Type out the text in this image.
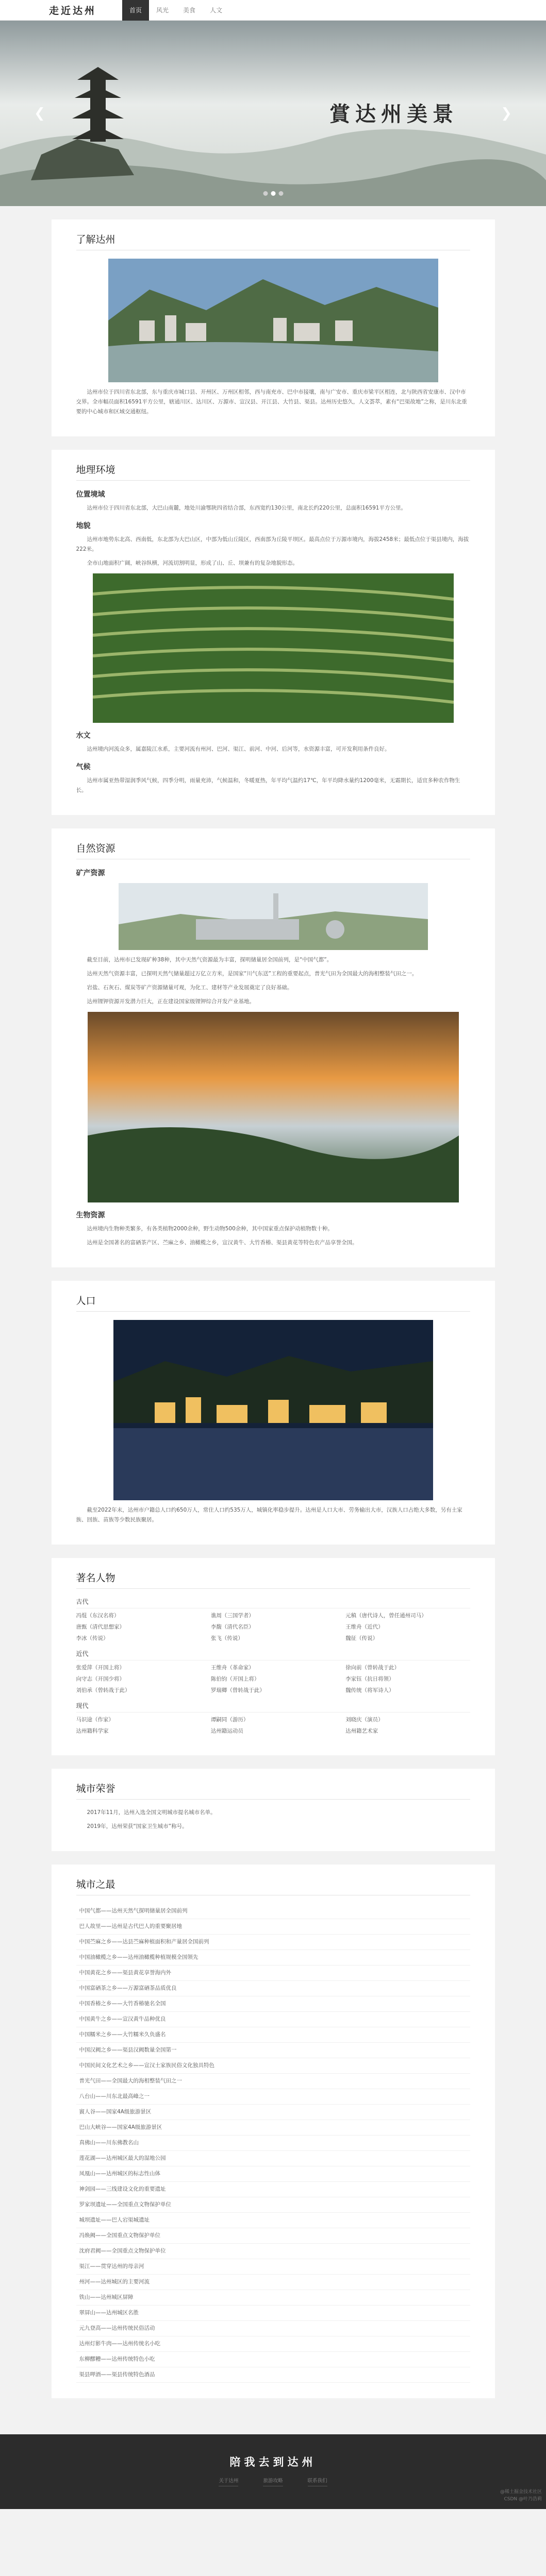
走近达州	首页	风光	美食	人文
賞达州美景
❮	❯
了解达州

达州市位于四川省东北部，东与重庆市城口县、开州区、万州区相邻，西与南充市、巴中市接壤，南与广安市、重庆市梁平区相连，北与陕西省安康市、汉中市交界。全市幅员面积16591平方公里，辖通川区、达川区、万源市、宣汉县、开江县、大竹县、渠县。达州历史悠久，人文荟萃，素有“巴渠故地”之称，是川东北重要的中心城市和区域交通枢纽。

地理环境
位置境域

达州市位于四川省东北部，大巴山南麓，地处川渝鄂陕四省结合部，东西宽约130公里，南北长约220公里，总面积16591平方公里。

地貌

达州市地势东北高、西南低，东北部为大巴山区，中部为低山丘陵区，西南部为丘陵平坝区。最高点位于万源市境内，海拔2458米；最低点位于渠县境内，海拔222米。

全市山地面积广阔，峡谷纵横，河流切割明显，形成了山、丘、坝兼有的复杂地貌形态。

水文

达州境内河流众多，属嘉陵江水系，主要河流有州河、巴河、渠江、前河、中河、后河等，水资源丰富，可开发利用条件良好。

气候

达州市属亚热带湿润季风气候，四季分明，雨量充沛，气候温和，冬暖夏热，年平均气温约17℃，年平均降水量约1200毫米，无霜期长，适宜多种农作物生长。

自然资源
矿产资源

截至目前，达州市已发现矿种38种，其中天然气资源最为丰富，探明储量居全国前列，是“中国气都”。

达州天然气资源丰富，已探明天然气储量超过万亿立方米，是国家“川气东送”工程的重要起点，普光气田为全国最大的海相整装气田之一。

岩盐、石灰石、煤炭等矿产资源储量可观，为化工、建材等产业发展奠定了良好基础。

达州锂钾资源开发潜力巨大，正在建设国家级锂钾综合开发产业基地。

生物资源

达州境内生物种类繁多，有各类植物2000余种，野生动物500余种，其中国家重点保护动植物数十种。

达州是全国著名的富硒茶产区、苎麻之乡、油橄榄之乡，宣汉黄牛、大竹香椿、渠县黄花等特色农产品享誉全国。

人口

截至2022年末，达州市户籍总人口约650万人，常住人口约535万人，城镇化率稳步提升。达州是人口大市、劳务输出大市，汉族人口占绝大多数，另有土家族、回族、苗族等少数民族聚居。

著名人物
古代
冯绲（东汉名将）	谯周（三国学者）	元稹（唐代诗人，曾任通州司马）
唐甄（清代思想家）	李馥（清代名臣）	王维舟（近代）
李冰（传说）	张飞（传说）	魏征（传说）
近代
张爱萍（开国上将）	王维舟（革命家）	徐向前（曾转战于此）
向守志（开国少将）	陈伯钧（开国上将）	李家钰（抗日将领）
刘伯承（曾转战于此）	罗瑞卿（曾转战于此）	魏传统（将军诗人）
现代
马识途（作家）	谭嗣同（游历）	刘晓庆（演员）
达州籍科学家	达州籍运动员	达州籍艺术家
城市荣誉

2017年11月，达州入选全国文明城市提名城市名单。

2019年，达州荣获“国家卫生城市”称号。

城市之最
中国气都——达州天然气探明储量居全国前列
巴人故里——达州是古代巴人的重要聚居地
中国苎麻之乡——达县苎麻种植面积和产量居全国前列
中国油橄榄之乡——达州油橄榄种植规模全国领先
中国黄花之乡——渠县黄花享誉海内外
中国富硒茶之乡——万源富硒茶品质优良
中国香椿之乡——大竹香椿驰名全国
中国黄牛之乡——宣汉黄牛品种优良
中国糯米之乡——大竹糯米久负盛名
中国汉阙之乡——渠县汉阙数量全国第一
中国民间文化艺术之乡——宣汉土家族民俗文化独具特色
普光气田——全国最大的海相整装气田之一
八台山——川东北最高峰之一
賨人谷——国家4A级旅游景区
巴山大峡谷——国家4A级旅游景区
真佛山——川东佛教名山
莲花湖——达州城区最大的湿地公园
凤凰山——达州城区的标志性山体
神剑园——三线建设文化的重要遗址
罗家坝遗址——全国重点文物保护单位
城坝遗址——巴人宕渠城遗址
冯焕阙——全国重点文物保护单位
沈府君阙——全国重点文物保护单位
渠江——贯穿达州的母亲河
州河——达州城区的主要河流
铁山——达州城区屏障
翠屏山——达州城区名胜
元九登高——达州传统民俗活动
达州灯影牛肉——达州传统名小吃
东柳醪糟——达州传统特色小吃
渠县呷酒——渠县传统特色酒品
陪我去到达州
关于达州	旅游攻略	联系我们
@稀土掘金技术社区
CSDN @叶乃浩莉
